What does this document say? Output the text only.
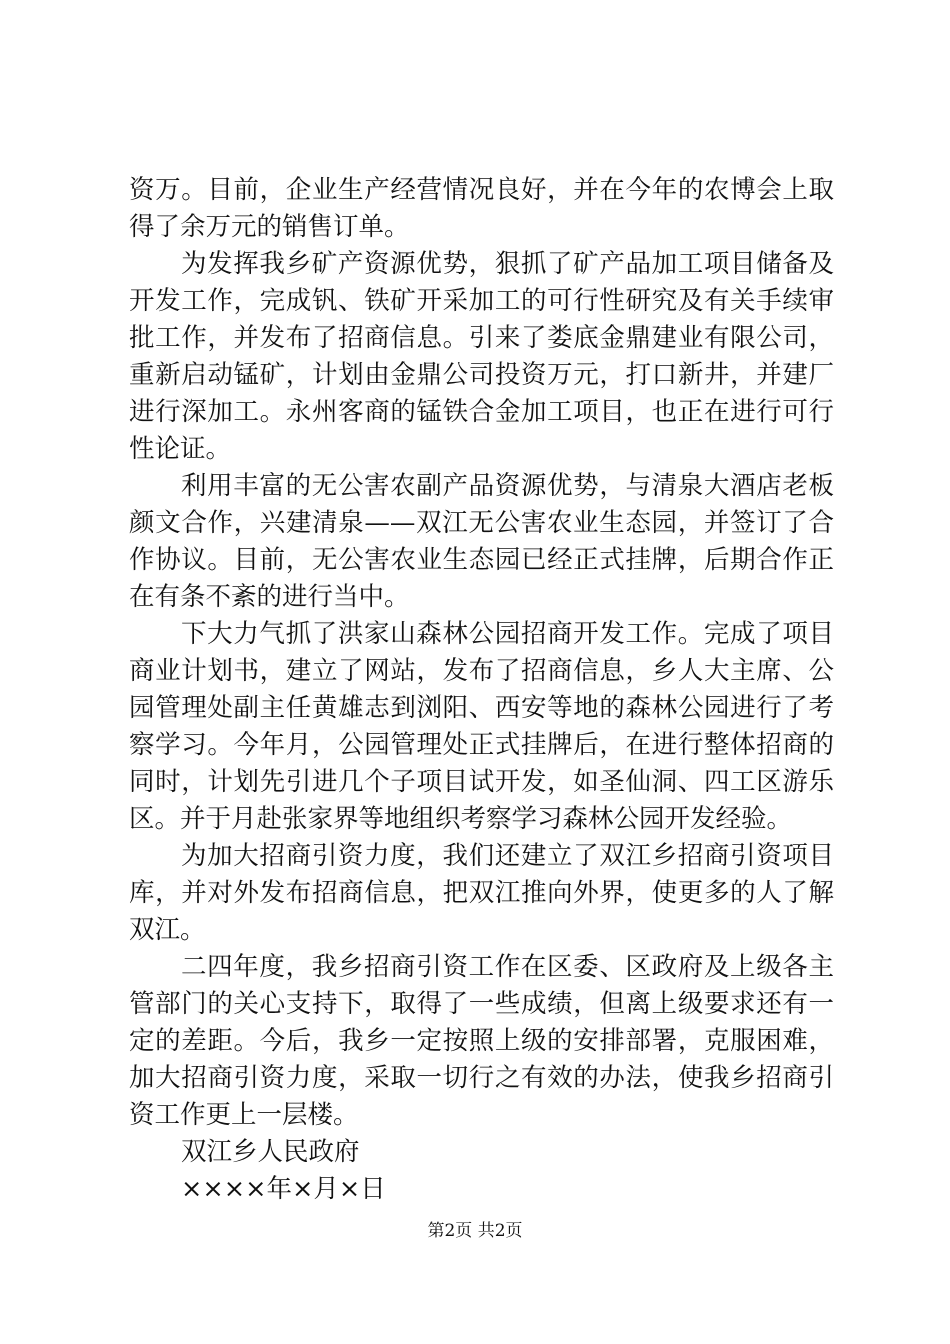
资万。目前，企业生产经营情况良好，并在今年的农博会上取
得了余万元的销售订单。
为发挥我乡矿产资源优势，狠抓了矿产品加工项目储备及
开发工作，完成钒、铁矿开采加工的可行性研究及有关手续审
批工作，并发布了招商信息。引来了娄底金鼎建业有限公司，
重新启动锰矿，计划由金鼎公司投资万元，打口新井，并建厂
进行深加工。永州客商的锰铁合金加工项目，也正在进行可行
性论证。
利用丰富的无公害农副产品资源优势，与清泉大酒店老板
颜文合作，兴建清泉——双江无公害农业生态园，并签订了合
作协议。目前，无公害农业生态园已经正式挂牌，后期合作正
在有条不紊的进行当中。
下大力气抓了洪家山森林公园招商开发工作。完成了项目
商业计划书，建立了网站，发布了招商信息，乡人大主席、公
园管理处副主任黄雄志到浏阳、西安等地的森林公园进行了考
察学习。今年月，公园管理处正式挂牌后，在进行整体招商的
同时，计划先引进几个子项目试开发，如圣仙洞、四工区游乐
区。并于月赴张家界等地组织考察学习森林公园开发经验。
为加大招商引资力度，我们还建立了双江乡招商引资项目
库，并对外发布招商信息，把双江推向外界，使更多的人了解
双江。
二四年度，我乡招商引资工作在区委、区政府及上级各主
管部门的关心支持下，取得了一些成绩，但离上级要求还有一
定的差距。今后，我乡一定按照上级的安排部署，克服困难，
加大招商引资力度，采取一切行之有效的办法，使我乡招商引
资工作更上一层楼。
双江乡人民政府
××××年×月×日
第2页 共2页
